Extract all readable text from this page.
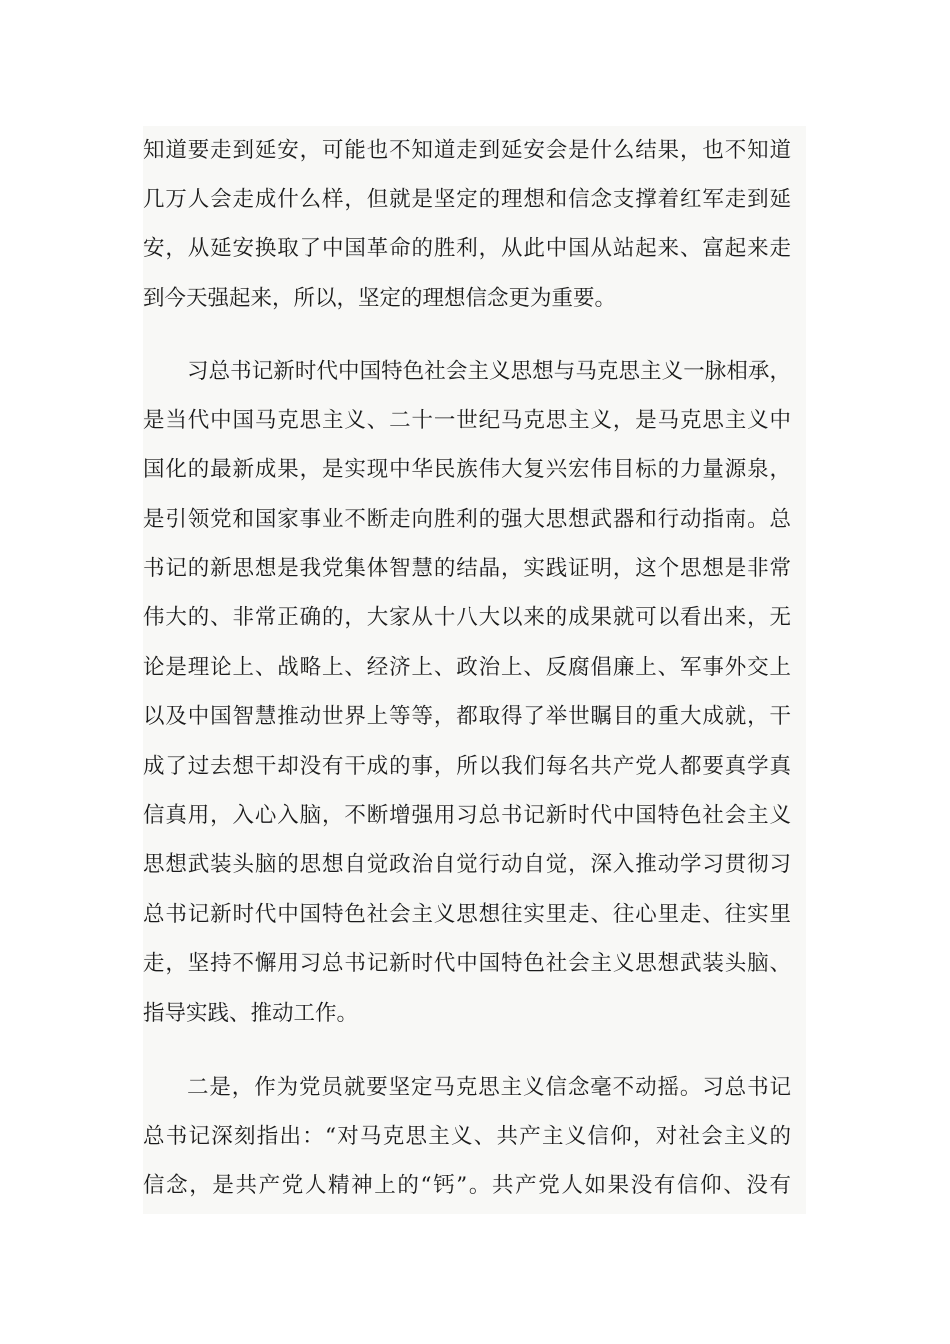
知道要走到延安，可能也不知道走到延安会是什么结果，也不知道
几万人会走成什么样，但就是坚定的理想和信念支撑着红军走到延
安，从延安换取了中国革命的胜利，从此中国从站起来、富起来走
到今天强起来，所以，坚定的理想信念更为重要。
习总书记新时代中国特色社会主义思想与马克思主义一脉相承，
是当代中国马克思主义、二十一世纪马克思主义，是马克思主义中
国化的最新成果，是实现中华民族伟大复兴宏伟目标的力量源泉，
是引领党和国家事业不断走向胜利的强大思想武器和行动指南。总
书记的新思想是我党集体智慧的结晶，实践证明，这个思想是非常
伟大的、非常正确的，大家从十八大以来的成果就可以看出来，无
论是理论上、战略上、经济上、政治上、反腐倡廉上、军事外交上
以及中国智慧推动世界上等等，都取得了举世瞩目的重大成就，干
成了过去想干却没有干成的事，所以我们每名共产党人都要真学真
信真用，入心入脑，不断增强用习总书记新时代中国特色社会主义
思想武装头脑的思想自觉政治自觉行动自觉，深入推动学习贯彻习
总书记新时代中国特色社会主义思想往实里走、往心里走、往实里
走，坚持不懈用习总书记新时代中国特色社会主义思想武装头脑、
指导实践、推动工作。
二是，作为党员就要坚定马克思主义信念毫不动摇。习总书记
总书记深刻指出：“对马克思主义、共产主义信仰，对社会主义的
信念，是共产党人精神上的“钙”。共产党人如果没有信仰、没有
